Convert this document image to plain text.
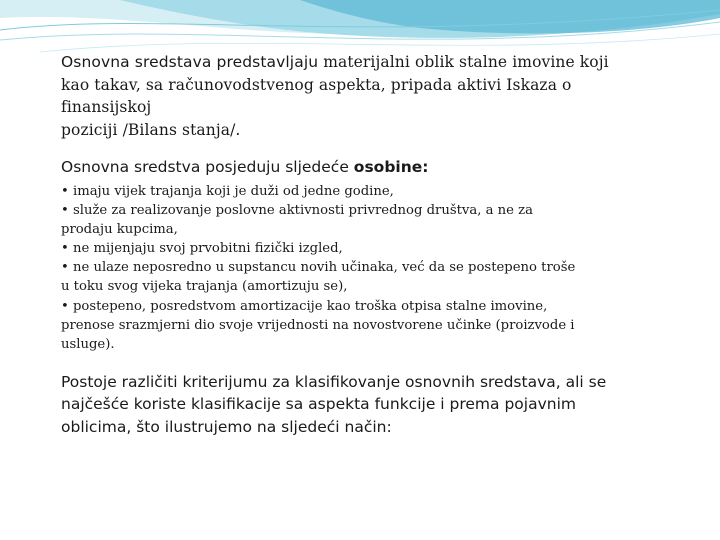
Osnovna sredstava predstavljaju materijalni oblik stalne imovine koji
kao takav, sa računovodstvenog aspekta, pripada aktivi Iskaza o
finansijskoj
poziciji /Bilans stanja/.

Osnovna sredstva posjeduju sljedeće osobine:

• imaju vijek trajanja koji je duži od jedne godine,
• služe za realizovanje poslovne aktivnosti privrednog društva, a ne za prodaju kupcima,
• ne mijenjaju svoj prvobitni fizički izgled,
• ne ulaze neposredno u supstancu novih učinaka, već da se postepeno troše u toku svog vijeka trajanja (amortizuju se),
• postepeno, posredstvom amortizacije kao troška otpisa stalne imovine, prenose srazmjerni dio svoje vrijednosti na novostvorene učinke (proizvode i usluge).

Postoje različiti kriterijumu za klasifikovanje osnovnih sredstava, ali se najčešće koriste klasifikacije sa aspekta funkcije i prema pojavnim oblicima, što ilustrujemo na sljedeći način:
